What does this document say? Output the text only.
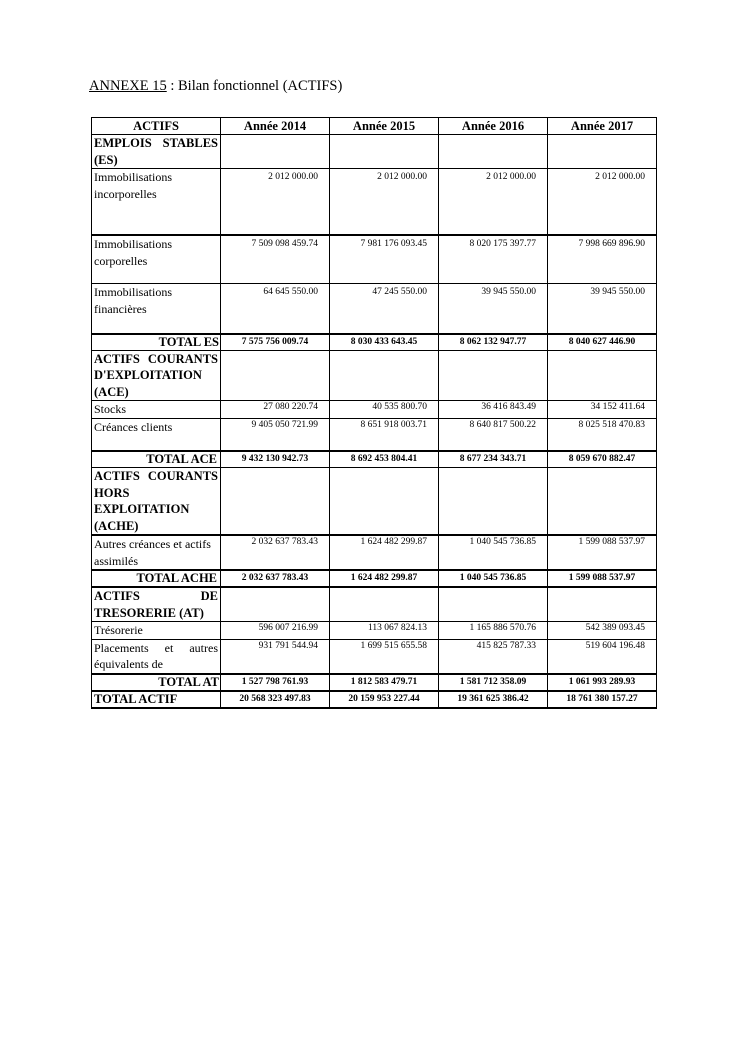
ANNEXE 15 : Bilan fonctionnel (ACTIFS)
ACTIFS	Année 2014	Année 2015	Année 2016	Année 2017
EMPLOIS STABLES (ES)				
Immobilisations incorporelles	2 012 000.00	2 012 000.00	2 012 000.00	2 012 000.00
Immobilisations corporelles	7 509 098 459.74	7 981 176 093.45	8 020 175 397.77	7 998 669 896.90
Immobilisations financières	64 645 550.00	47 245 550.00	39 945 550.00	39 945 550.00
TOTAL ES	7 575 756 009.74	8 030 433 643.45	8 062 132 947.77	8 040 627 446.90
ACTIFS COURANTS D'EXPLOITATION (ACE)				
Stocks	27 080 220.74	40 535 800.70	36 416 843.49	34 152 411.64
Créances clients	9 405 050 721.99	8 651 918 003.71	8 640 817 500.22	8 025 518 470.83
TOTAL ACE	9 432 130 942.73	8 692 453 804.41	8 677 234 343.71	8 059 670 882.47
ACTIFS COURANTS HORS EXPLOITATION (ACHE)				
Autres créances et actifs assimilés	2 032 637 783.43	1 624 482 299.87	1 040 545 736.85	1 599 088 537.97
TOTAL ACHE	2 032 637 783.43	1 624 482 299.87	1 040 545 736.85	1 599 088 537.97
ACTIFS DE TRESORERIE (AT)				
Trésorerie	596 007 216.99	113 067 824.13	1 165 886 570.76	542 389 093.45

Placements et autres équivalents de	931 791 544.94	1 699 515 655.58	415 825 787.33	519 604 196.48
TOTAL AT	1 527 798 761.93	1 812 583 479.71	1 581 712 358.09	1 061 993 289.93
TOTAL ACTIF	20 568 323 497.83	20 159 953 227.44	19 361 625 386.42	18 761 380 157.27
